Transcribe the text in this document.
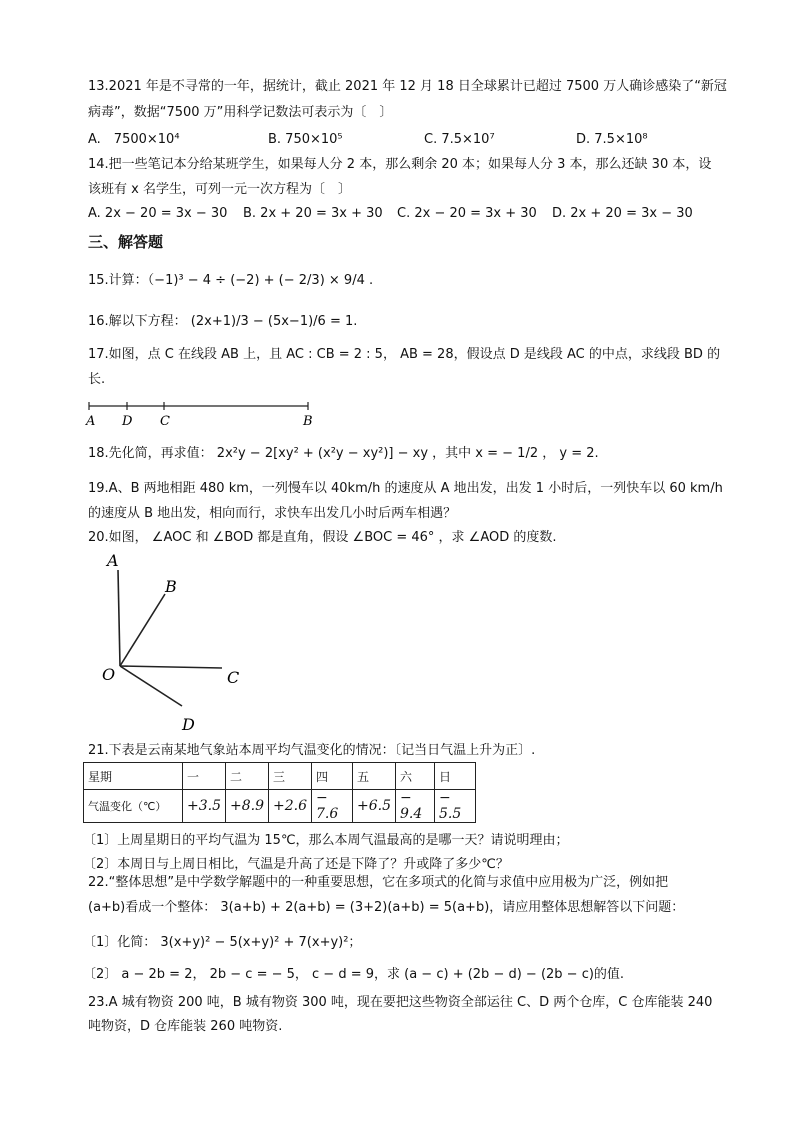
13.2021 年是不寻常的一年，据统计，截止 2021 年 12 月 18 日全球累计已超过 7500 万人确诊感染了“新冠
病毒”，数据“7500 万”用科学记数法可表示为〔　〕
A.　7500×10⁴	B. 750×10⁵	C. 7.5×10⁷	D. 7.5×10⁸
14.把一些笔记本分给某班学生，如果每人分 2 本，那么剩余 20 本；如果每人分 3 本，那么还缺 30 本，设
该班有 x 名学生，可列一元一次方程为〔　〕
A. 2x − 20 = 3x − 30 B. 2x + 20 = 3x + 30 C. 2x − 20 = 3x + 30 D. 2x + 20 = 3x − 30
三、解答题
15.计算：（−1)³ − 4 ÷ (−2) + (− 2/3) × 9/4 .
16.解以下方程： (2x+1)/3 − (5x−1)/6 = 1.
17.如图，点 C 在线段 AB 上，且 AC : CB = 2 : 5， AB = 28，假设点 D 是线段 AC 的中点，求线段 BD 的
长.
A D C	B
18.先化简，再求值： 2x²y − 2[xy² + (x²y − xy²)] − xy ，其中 x = − 1/2 ， y = 2.
19.A、B 两地相距 480 km，一列慢车以 40km/h 的速度从 A 地出发，出发 1 小时后，一列快车以 60 km/h
的速度从 B 地出发，相向而行，求快车出发几小时后两车相遇？
20.如图， ∠AOC 和 ∠BOD 都是直角，假设 ∠BOC = 46° ，求 ∠AOD 的度数.
A
B
O	C
D
21.下表是云南某地气象站本周平均气温变化的情况：〔记当日气温上升为正〕.
星期	一	二	三	四	五	六	日
气温变化（℃）	+3.5	+8.9	+2.6	− 7.6	+6.5	− 9.4	− 5.5
〔1〕上周星期日的平均气温为 15℃，那么本周气温最高的是哪一天？请说明理由；
〔2〕本周日与上周日相比，气温是升高了还是下降了？升或降了多少℃？
22.“整体思想”是中学数学解题中的一种重要思想，它在多项式的化简与求值中应用极为广泛，例如把
(a+b)看成一个整体： 3(a+b) + 2(a+b) = (3+2)(a+b) = 5(a+b)，请应用整体思想解答以下问题：
〔1〕化简： 3(x+y)² − 5(x+y)² + 7(x+y)²；
〔2〕 a − 2b = 2， 2b − c = − 5， c − d = 9，求 (a − c) + (2b − d) − (2b − c)的值.
23.A 城有物资 200 吨，B 城有物资 300 吨，现在要把这些物资全部运往 C、D 两个仓库，C 仓库能装 240
吨物资，D 仓库能装 260 吨物资.
